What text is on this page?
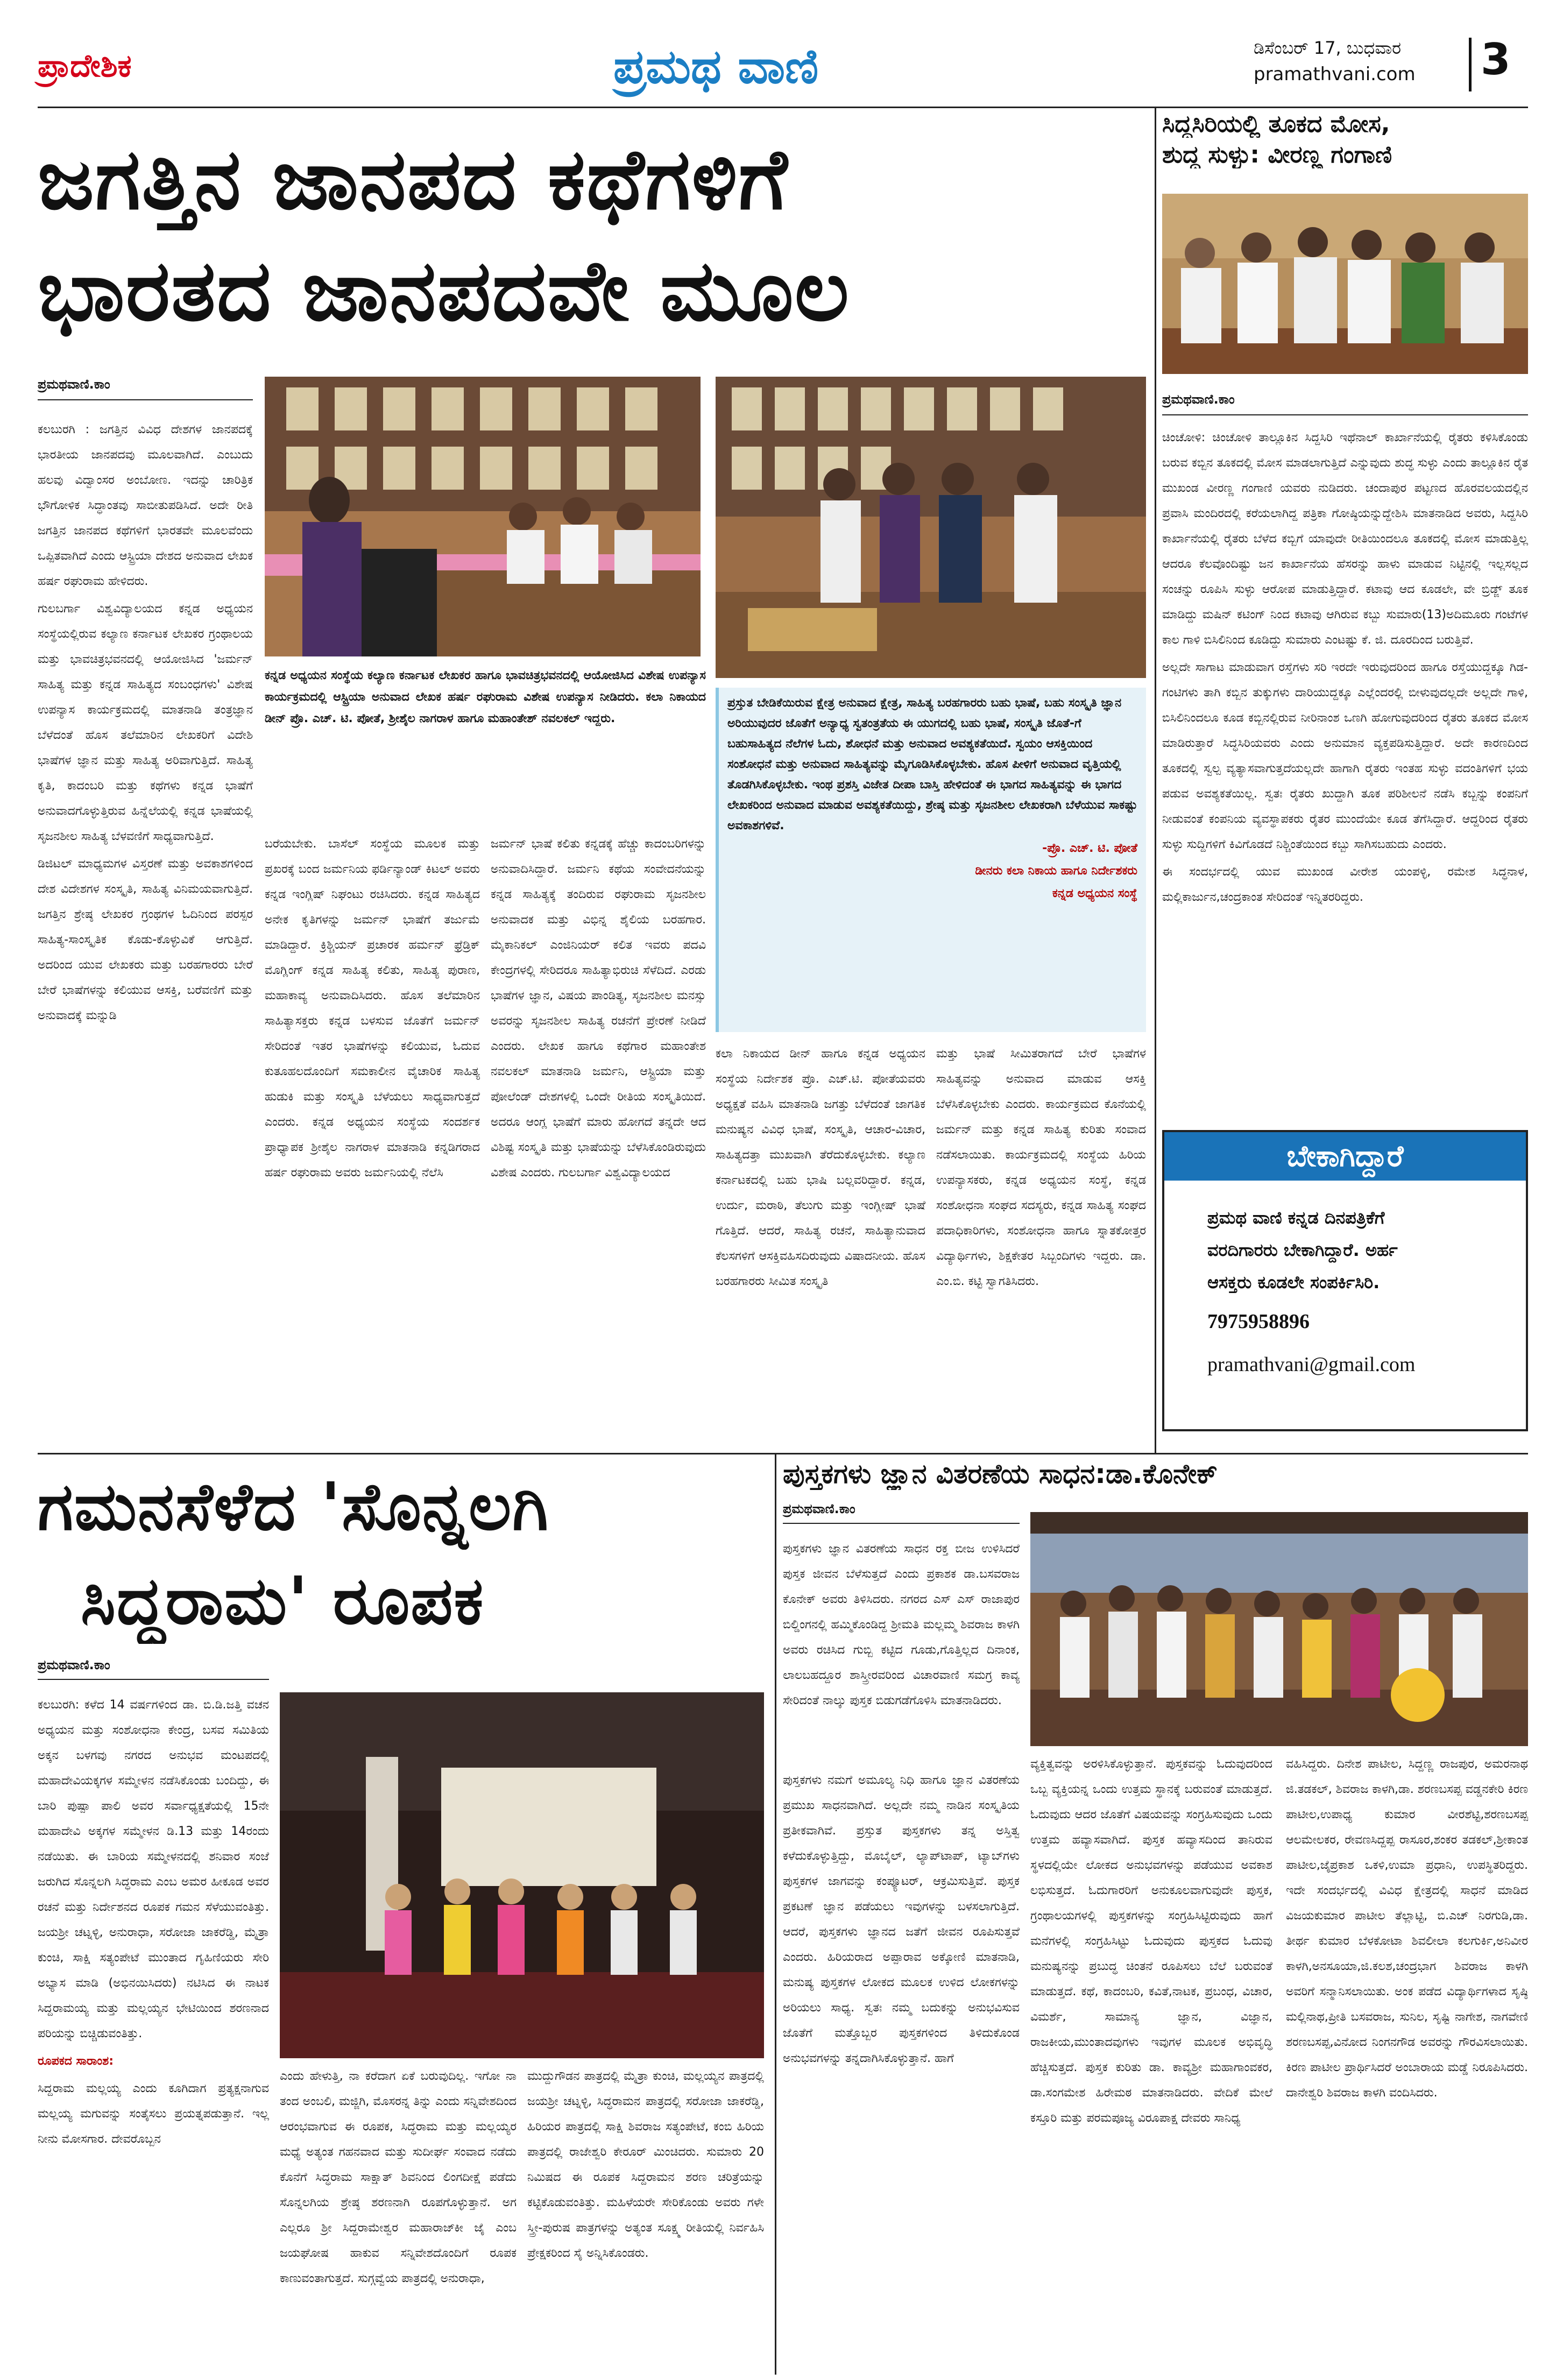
ಪ್ರಾದೇಶಿಕ	ಪ್ರಮಥ ವಾಣಿ	ಡಿಸೆಂಬರ್ 17, ಬುಧವಾರ
pramathvani.com 3
ಜಗತ್ತಿನ ಜಾನಪದ ಕಥೆಗಳಿಗೆ
ಭಾರತದ ಜಾನಪದವೇ ಮೂಲ
ಪ್ರಮಥವಾಣಿ.ಕಾಂ

ಕಲಬುರಗಿ : ಜಗತ್ತಿನ ವಿವಿಧ ದೇಶಗಳ ಜಾನಪದಕ್ಕೆ ಭಾರತೀಯ ಜಾನಪದವು ಮೂಲವಾಗಿದೆ. ಎಂಬುದು ಹಲವು ವಿದ್ವಾಂಸರ ಅಂಬೋಣ. ಇದನ್ನು ಚಾರಿತ್ರಿಕ ಭೌಗೋಳಿಕ ಸಿದ್ಧಾಂತವು ಸಾಬೀತುಪಡಿಸಿದೆ. ಅದೇ ರೀತಿ ಜಗತ್ತಿನ ಜಾನಪದ ಕಥೆಗಳಿಗೆ ಭಾರತವೇ ಮೂಲವೆಂದು ಒಪ್ಪಿತವಾಗಿದೆ ಎಂದು ಆಸ್ಟ್ರಿಯಾ ದೇಶದ ಅನುವಾದ ಲೇಖಕ ಹರ್ಷ ರಘುರಾಮ ಹೇಳಿದರು.

ಗುಲಬರ್ಗಾ ವಿಶ್ವವಿದ್ಯಾಲಯದ ಕನ್ನಡ ಅಧ್ಯಯನ ಸಂಸ್ಥೆಯಲ್ಲಿರುವ ಕಲ್ಯಾಣ ಕರ್ನಾಟಕ ಲೇಖಕರ ಗ್ರಂಥಾಲಯ ಮತ್ತು ಭಾವಚಿತ್ರಭವನದಲ್ಲಿ ಆಯೋಜಿಸಿದ 'ಜರ್ಮನ್ ಸಾಹಿತ್ಯ ಮತ್ತು ಕನ್ನಡ ಸಾಹಿತ್ಯದ ಸಂಬಂಧಗಳು' ವಿಶೇಷ ಉಪನ್ಯಾಸ ಕಾರ್ಯಕ್ರಮದಲ್ಲಿ ಮಾತನಾಡಿ ತಂತ್ರಜ್ಞಾನ ಬೆಳೆದಂತೆ ಹೊಸ ತಲೆಮಾರಿನ ಲೇಖಕರಿಗೆ ವಿದೇಶಿ ಭಾಷೆಗಳ ಜ್ಞಾನ ಮತ್ತು ಸಾಹಿತ್ಯ ಅರಿವಾಗುತ್ತಿದೆ. ಸಾಹಿತ್ಯ ಕೃತಿ, ಕಾದಂಬರಿ ಮತ್ತು ಕಥೆಗಳು ಕನ್ನಡ ಭಾಷೆಗೆ ಅನುವಾದಗೊಳ್ಳುತ್ತಿರುವ ಹಿನ್ನೆಲೆಯಲ್ಲಿ ಕನ್ನಡ ಭಾಷೆಯಲ್ಲಿ ಸೃಜನಶೀಲ ಸಾಹಿತ್ಯ ಬೆಳವಣಿಗೆ ಸಾಧ್ಯವಾಗುತ್ತಿದೆ.

ಡಿಜಿಟಲ್ ಮಾಧ್ಯಮಗಳ ವಿಸ್ತರಣೆ ಮತ್ತು ಅವಕಾಶಗಳಿಂದ ದೇಶ ವಿದೇಶಗಳ ಸಂಸ್ಕೃತಿ, ಸಾಹಿತ್ಯ ವಿನಿಮಯವಾಗುತ್ತಿದೆ. ಜಗತ್ತಿನ ಶ್ರೇಷ್ಠ ಲೇಖಕರ ಗ್ರಂಥಗಳ ಓದಿನಿಂದ ಪರಸ್ಪರ ಸಾಹಿತ್ಯ-ಸಾಂಸ್ಕೃತಿಕ ಕೊಡು-ಕೊಳ್ಳುವಿಕೆ ಆಗುತ್ತಿದೆ. ಅದರಿಂದ ಯುವ ಲೇಖಕರು ಮತ್ತು ಬರಹಗಾರರು ಬೇರೆ ಬೇರೆ ಭಾಷೆಗಳನ್ನು ಕಲಿಯುವ ಆಸಕ್ತಿ, ಬರೆವಣಿಗೆ ಮತ್ತು ಅನುವಾದಕ್ಕೆ ಮನ್ನುಡಿ

ಕನ್ನಡ ಅಧ್ಯಯನ ಸಂಸ್ಥೆಯ ಕಲ್ಯಾಣ ಕರ್ನಾಟಕ ಲೇಖಕರ ಹಾಗೂ ಭಾವಚಿತ್ರಭವನದಲ್ಲಿ ಆಯೋಜಿಸಿದ ವಿಶೇಷ ಉಪನ್ಯಾಸ ಕಾರ್ಯಕ್ರಮದಲ್ಲಿ ಆಸ್ಟ್ರಿಯಾ ಅನುವಾದ ಲೇಖಕ ಹರ್ಷ ರಘುರಾಮ ವಿಶೇಷ ಉಪನ್ಯಾಸ ನೀಡಿದರು. ಕಲಾ ನಿಕಾಯದ ಡೀನ್ ಪ್ರೊ. ಎಚ್. ಟಿ. ಪೋತೆ, ಶ್ರೀಶೈಲ ನಾಗರಾಳ ಹಾಗೂ ಮಹಾಂತೇಶ್ ನವಲಕಲ್ ಇದ್ದರು.
ಪ್ರಸ್ತುತ ಬೇಡಿಕೆಯಿರುವ ಕ್ಷೇತ್ರ ಅನುವಾದ ಕ್ಷೇತ್ರ, ಸಾಹಿತ್ಯ ಬರಹಗಾರರು ಬಹು ಭಾಷೆ, ಬಹು ಸಂಸ್ಕೃತಿ ಜ್ಞಾನ ಅರಿಯುವುದರ ಜೊತೆಗೆ ಅನ್ಯಾಧ್ಯ ಸ್ವತಂತ್ರತೆಯ ಈ ಯುಗದಲ್ಲಿ ಬಹು ಭಾಷೆ, ಸಂಸ್ಕೃತಿ ಜೊತೆ-ಗೆ ಬಹುಸಾಹಿತ್ಯದ ನೆಲೆಗಳ ಓದು, ಶೋಧನೆ ಮತ್ತು ಅನುವಾದ ಅವಶ್ಯಕತೆಯಿದೆ. ಸ್ವಯಂ ಆಸಕ್ತಿಯಿಂದ ಸಂಶೋಧನೆ ಮತ್ತು ಅನುವಾದ ಸಾಹಿತ್ಯವನ್ನು ಮೈಗೂಡಿಸಿಕೊಳ್ಳಬೇಕು. ಹೊಸ ಪೀಳಿಗೆ ಅನುವಾದ ವೃತ್ತಿಯಲ್ಲಿ ತೊಡಗಿಸಿಕೊಳ್ಳಬೇಕು. ಇಂಥ ಪ್ರಶಸ್ತಿ ವಿಜೇತ ದೀಪಾ ಬಾಸ್ತಿ ಹೇಳಿದಂತೆ ಈ ಭಾಗದ ಸಾಹಿತ್ಯವನ್ನು ಈ ಭಾಗದ ಲೇಖಕರಿಂದ ಅನುವಾದ ಮಾಡುವ ಅವಶ್ಯಕತೆಯಿದ್ದು, ಶ್ರೇಷ್ಠ ಮತ್ತು ಸೃಜನಶೀಲ ಲೇಖಕರಾಗಿ ಬೆಳೆಯುವ ಸಾಕಷ್ಟು ಅವಕಾಶಗಳಿವೆ.
-ಪ್ರೊ. ಎಚ್. ಟಿ. ಪೋತೆ
ಡೀನರು ಕಲಾ ನಿಕಾಯ ಹಾಗೂ ನಿರ್ದೇಶಕರು
ಕನ್ನಡ ಅಧ್ಯಯನ ಸಂಸ್ಥೆ
ಬರೆಯಬೇಕು. ಬಾಸೆಲ್ ಸಂಸ್ಥೆಯ ಮೂಲಕ ಮತ್ತು ಪ್ರಖರಕ್ಕೆ ಬಂದ ಜರ್ಮನಿಯ ಫರ್ಡಿನ್ಯಾಂಡ್ ಕಿಟಲ್ ಅವರು ಕನ್ನಡ ಇಂಗ್ಲಿಷ್ ನಿಘಂಟು ರಚಿಸಿದರು. ಕನ್ನಡ ಸಾಹಿತ್ಯದ ಅನೇಕ ಕೃತಿಗಳನ್ನು ಜರ್ಮನ್ ಭಾಷೆಗೆ ತರ್ಜುಮೆ ಮಾಡಿದ್ದಾರೆ. ಕ್ರಿಶ್ಚಿಯನ್ ಪ್ರಚಾರಕ ಹರ್ಮನ್ ಫ್ರೆಡ್ರಿಕ್ ಮೊಗ್ಲಿಂಗ್ ಕನ್ನಡ ಸಾಹಿತ್ಯ ಕಲಿತು, ಸಾಹಿತ್ಯ ಪುರಾಣ, ಮಹಾಕಾವ್ಯ ಅನುವಾದಿಸಿದರು. ಹೊಸ ತಲೆಮಾರಿನ ಸಾಹಿತ್ಯಾಸಕ್ತರು ಕನ್ನಡ ಬಳಸುವ ಜೊತೆಗೆ ಜರ್ಮನ್ ಸೇರಿದಂತೆ ಇತರ ಭಾಷೆಗಳನ್ನು ಕಲಿಯುವ, ಓದುವ ಕುತೂಹಲದೊಂದಿಗೆ ಸಮಕಾಲೀನ ವೈಚಾರಿಕ ಸಾಹಿತ್ಯ ಹುಡುಕಿ ಮತ್ತು ಸಂಸ್ಕೃತಿ ಬೆಳೆಯಲು ಸಾಧ್ಯವಾಗುತ್ತದೆ ಎಂದರು. ಕನ್ನಡ ಅಧ್ಯಯನ ಸಂಸ್ಥೆಯ ಸಂದರ್ಶಕ ಪ್ರಾಧ್ಯಾಪಕ ಶ್ರೀಶೈಲ ನಾಗರಾಳ ಮಾತನಾಡಿ ಕನ್ನಡಿಗರಾದ ಹರ್ಷ ರಘುರಾಮ ಅವರು ಜರ್ಮನಿಯಲ್ಲಿ ನೆಲೆಸಿ
ಜರ್ಮನ್ ಭಾಷೆ ಕಲಿತು ಕನ್ನಡಕ್ಕೆ ಹೆಚ್ಚು ಕಾದಂಬರಿಗಳನ್ನು ಅನುವಾದಿಸಿದ್ದಾರೆ. ಜರ್ಮನಿ ಕಥೆಯ ಸಂವೇದನೆಯನ್ನು ಕನ್ನಡ ಸಾಹಿತ್ಯಕ್ಕೆ ತಂದಿರುವ ರಘುರಾಮ ಸೃಜನಶೀಲ ಅನುವಾದಕ ಮತ್ತು ವಿಭಿನ್ನ ಶೈಲಿಯ ಬರಹಗಾರ. ಮೈಕಾನಿಕಲ್ ಎಂಜಿನಿಯರ್ ಕಲಿತ ಇವರು ಪದವಿ ಕೇಂದ್ರಗಳಲ್ಲಿ ಸೇರಿದರೂ ಸಾಹಿತ್ಯಾಭಿರುಚಿ ಸೆಳೆದಿದೆ. ಎರಡು ಭಾಷೆಗಳ ಜ್ಞಾನ, ವಿಷಯ ಪಾಂಡಿತ್ಯ, ಸೃಜನಶೀಲ ಮನಸ್ಸು ಅವರನ್ನು ಸೃಜನಶೀಲ ಸಾಹಿತ್ಯ ರಚನೆಗೆ ಪ್ರೇರಣೆ ನೀಡಿದೆ ಎಂದರು. ಲೇಖಕ ಹಾಗೂ ಕಥೆಗಾರ ಮಹಾಂತೇಶ ನವಲಕಲ್ ಮಾತನಾಡಿ ಜರ್ಮನಿ, ಆಸ್ಟ್ರಿಯಾ ಮತ್ತು ಪೋಲೆಂಡ್ ದೇಶಗಳಲ್ಲಿ ಒಂದೇ ರೀತಿಯ ಸಂಸ್ಕೃತಿಯಿದೆ. ಅದರೂ ಆಂಗ್ಲ ಭಾಷೆಗೆ ಮಾರು ಹೋಗದೆ ತನ್ನದೇ ಆದ ವಿಶಿಷ್ಟ ಸಂಸ್ಕೃತಿ ಮತ್ತು ಭಾಷೆಯನ್ನು ಬೆಳೆಸಿಕೊಂಡಿರುವುದು ವಿಶೇಷ ಎಂದರು. ಗುಲಬರ್ಗಾ ವಿಶ್ವವಿದ್ಯಾಲಯದ
ಕಲಾ ನಿಕಾಯದ ಡೀನ್ ಹಾಗೂ ಕನ್ನಡ ಅಧ್ಯಯನ ಸಂಸ್ಥೆಯ ನಿರ್ದೇಶಕ ಪ್ರೊ. ಎಚ್.ಟಿ. ಪೋತೆಯವರು ಅಧ್ಯಕ್ಷತೆ ವಹಿಸಿ ಮಾತನಾಡಿ ಜಗತ್ತು ಬೆಳೆದಂತೆ ಜಾಗತಿಕ ಮನುಷ್ಯನ ವಿವಿಧ ಭಾಷೆ, ಸಂಸ್ಕೃತಿ, ಆಚಾರ-ವಿಚಾರ, ಸಾಹಿತ್ಯದತ್ತಾ ಮುಖವಾಗಿ ತೆರೆದುಕೊಳ್ಳಬೇಕು. ಕಲ್ಯಾಣ ಕರ್ನಾಟಕದಲ್ಲಿ ಬಹು ಭಾಷಿ ಬಲ್ಲವರಿದ್ದಾರೆ. ಕನ್ನಡ, ಉರ್ದು, ಮರಾಠಿ, ತೆಲುಗು ಮತ್ತು ಇಂಗ್ಲೀಷ್ ಭಾಷೆ ಗೊತ್ತಿದೆ. ಆದರೆ, ಸಾಹಿತ್ಯ ರಚನೆ, ಸಾಹಿತ್ಯಾನುವಾದ ಕೆಲಸಗಳಿಗೆ ಆಸಕ್ತಿವಹಿಸದಿರುವುದು ವಿಷಾದನೀಯ. ಹೊಸ ಬರಹಗಾರರು ಸೀಮಿತ ಸಂಸ್ಕೃತಿ
ಮತ್ತು ಭಾಷೆ ಸೀಮಿತರಾಗದೆ ಬೇರೆ ಭಾಷೆಗಳ ಸಾಹಿತ್ಯವನ್ನು ಅನುವಾದ ಮಾಡುವ ಆಸಕ್ತಿ ಬೆಳೆಸಿಕೊಳ್ಳಬೇಕು ಎಂದರು. ಕಾರ್ಯಕ್ರಮದ ಕೊನೆಯಲ್ಲಿ ಜರ್ಮನ್ ಮತ್ತು ಕನ್ನಡ ಸಾಹಿತ್ಯ ಕುರಿತು ಸಂವಾದ ನಡೆಸಲಾಯಿತು. ಕಾರ್ಯಕ್ರಮದಲ್ಲಿ ಸಂಸ್ಥೆಯ ಹಿರಿಯ ಉಪನ್ಯಾಸಕರು, ಕನ್ನಡ ಅಧ್ಯಯನ ಸಂಸ್ಥೆ, ಕನ್ನಡ ಸಂಶೋಧನಾ ಸಂಘದ ಸದಸ್ಯರು, ಕನ್ನಡ ಸಾಹಿತ್ಯ ಸಂಘದ ಪದಾಧಿಕಾರಿಗಳು, ಸಂಶೋಧನಾ ಹಾಗೂ ಸ್ನಾತಕೋತ್ತರ ವಿದ್ಯಾರ್ಥಿಗಳು, ಶಿಕ್ಷಕೇತರ ಸಿಬ್ಬಂದಿಗಳು ಇದ್ದರು. ಡಾ. ಎಂ.ಬಿ. ಕಟ್ಟಿ ಸ್ವಾಗತಿಸಿದರು.
ಸಿದ್ಧಸಿರಿಯಲ್ಲಿ ತೂಕದ ಮೋಸ,
ಶುದ್ಧ ಸುಳ್ಳು: ವೀರಣ್ಣ ಗಂಗಾಣಿ
ಪ್ರಮಥವಾಣಿ.ಕಾಂ

ಚಿಂಚೋಳಿ: ಚಿಂಚೋಳಿ ತಾಲ್ಲೂಕಿನ ಸಿದ್ದಸಿರಿ ಇಥೆನಾಲ್ ಕಾರ್ಖಾನೆಯಲ್ಲಿ ರೈತರು ಕಳಿಸಿಕೊಂಡು ಬರುವ ಕಬ್ಬಿನ ತೂಕದಲ್ಲಿ ಮೋಸ ಮಾಡಲಾಗುತ್ತಿದೆ ಎನ್ನುವುದು ಶುದ್ಧ ಸುಳ್ಳು ಎಂದು ತಾಲ್ಲೂಕಿನ ರೈತ ಮುಖಂಡ ವೀರಣ್ಣ ಗಂಗಾಣಿ ಯವರು ನುಡಿದರು. ಚಂದಾಪುರ ಪಟ್ಟಣದ ಹೊರವಲಯದಲ್ಲಿನ ಪ್ರವಾಸಿ ಮಂದಿರದಲ್ಲಿ ಕರೆಯಲಾಗಿದ್ದ ಪತ್ರಿಕಾ ಗೋಷ್ಠಿಯನ್ನುದ್ದೇಶಿಸಿ ಮಾತನಾಡಿದ ಅವರು, ಸಿದ್ದಸಿರಿ ಕಾರ್ಖಾನೆಯಲ್ಲಿ ರೈತರು ಬೆಳೆದ ಕಬ್ಬಿಗೆ ಯಾವುದೇ ರೀತಿಯಿಂದಲೂ ತೂಕದಲ್ಲಿ ಮೋಸ ಮಾಡುತ್ತಿಲ್ಲ ಆದರೂ ಕೆಲವೊಂದಿಷ್ಟು ಜನ ಕಾರ್ಖಾನೆಯ ಹೆಸರನ್ನು ಹಾಳು ಮಾಡುವ ನಿಟ್ಟಿನಲ್ಲಿ ಇಲ್ಲಸಲ್ಲದ ಸಂಚನ್ನು ರೂಪಿಸಿ ಸುಳ್ಳು ಆರೋಪ ಮಾಡುತ್ತಿದ್ದಾರೆ. ಕಟಾವು ಆದ ಕೂಡಲೇ, ವೇ ಬ್ರಿಡ್ಜ್ ತೂಕ ಮಾಡಿದ್ದು ಮಷಿನ್ ಕಟಿಂಗ್ ನಿಂದ ಕಟಾವು ಆಗಿರುವ ಕಬ್ಬು ಸುಮಾರು(13)ಅದಿಮೂರು ಗಂಟೆಗಳ ಕಾಲ ಗಾಳಿ ಬಿಸಿಲಿನಿಂದ ಕೂಡಿದ್ದು ಸುಮಾರು ಎಂಟಷ್ಟು ಕೆ. ಜಿ. ದೂರದಿಂದ ಬರುತ್ತಿವೆ.

ಅಲ್ಲದೇ ಸಾಗಾಟ ಮಾಡುವಾಗ ರಸ್ತೆಗಳು ಸರಿ ಇರದೇ ಇರುವುದರಿಂದ ಹಾಗೂ ರಸ್ತೆಯುದ್ದಕ್ಕೂ ಗಿಡ-ಗಂಟಿಗಳು ತಾಗಿ ಕಬ್ಬಿನ ತುಕ್ಕುಗಳು ದಾರಿಯುದ್ದಕ್ಕೂ ಎಲ್ಲೆಂದರಲ್ಲಿ ಬೀಳುವುದಲ್ಲದೇ ಅಲ್ಲದೇ ಗಾಳಿ, ಬಿಸಿಲಿನಿಂದಲೂ ಕೂಡ ಕಬ್ಬಿನಲ್ಲಿರುವ ನೀರಿನಾಂಶ ಒಣಗಿ ಹೋಗುವುದರಿಂದ ರೈತರು ತೂಕದ ಮೋಸ ಮಾಡಿರುತ್ತಾರೆ ಸಿದ್ಧಸಿರಿಯವರು ಎಂದು ಅನುಮಾನ ವ್ಯಕ್ತಪಡಿಸುತ್ತಿದ್ದಾರೆ. ಅದೇ ಕಾರಣದಿಂದ ತೂಕದಲ್ಲಿ ಸ್ವಲ್ಪ ವ್ಯತ್ಯಾಸವಾಗುತ್ತದೆಯಲ್ಲದೇ ಹಾಗಾಗಿ ರೈತರು ಇಂತಹ ಸುಳ್ಳು ವದಂತಿಗಳಿಗೆ ಭಯ ಪಡುವ ಅವಶ್ಯಕತೆಯಿಲ್ಲ. ಸ್ವತಃ ರೈತರು ಖುದ್ದಾಗಿ ತೂಕ ಪರಿಶೀಲನೆ ನಡೆಸಿ ಕಬ್ಬನ್ನು ಕಂಪನಿಗೆ ನೀಡುವಂತೆ ಕಂಪನಿಯ ವ್ಯವಸ್ಥಾಪಕರು ರೈತರ ಮುಂದೆಯೇ ಕೂಡ ತೆಗೆಸಿದ್ದಾರೆ. ಆದ್ದರಿಂದ ರೈತರು ಸುಳ್ಳು ಸುದ್ದಿಗಳಿಗೆ ಕಿವಿಗೊಡದೆ ನಿಶ್ಚಿಂತೆಯಿಂದ ಕಬ್ಬು ಸಾಗಿಸಬಹುದು ಎಂದರು.

ಈ ಸಂದರ್ಭದಲ್ಲಿ ಯುವ ಮುಖಂಡ ವೀರೇಶ ಯಂಪಳ್ಳಿ, ರಮೇಶ ಸಿದ್ಧನಾಳ, ಮಲ್ಲಿಕಾರ್ಜುನ,ಚಂದ್ರಕಾಂತ ಸೇರಿದಂತೆ ಇನ್ನಿತರರಿದ್ದರು.

ಬೇಕಾಗಿದ್ದಾರೆ
ಪ್ರಮಥ ವಾಣಿ ಕನ್ನಡ ದಿನಪತ್ರಿಕೆಗೆ
ವರದಿಗಾರರು ಬೇಕಾಗಿದ್ದಾರೆ. ಅರ್ಹ
ಆಸಕ್ತರು ಕೂಡಲೇ ಸಂಪರ್ಕಿಸಿರಿ.
7975958896
pramathvani@gmail.com
ಗಮನಸೆಳೆದ 'ಸೊನ್ನಲಗಿ
ಸಿದ್ಧರಾಮ' ರೂಪಕ
ಪ್ರಮಥವಾಣಿ.ಕಾಂ

ಕಲಬುರಗಿ: ಕಳೆದ 14 ವರ್ಷಗಳಿಂದ ಡಾ. ಬಿ.ಡಿ.ಜತ್ತಿ ವಚನ ಅಧ್ಯಯನ ಮತ್ತು ಸಂಶೋಧನಾ ಕೇಂದ್ರ, ಬಸವ ಸಮಿತಿಯ ಅಕ್ಕನ ಬಳಗವು ನಗರದ ಅನುಭವ ಮಂಟಪದಲ್ಲಿ ಮಹಾದೇವಿಯಕ್ಕಗಳ ಸಮ್ಮೇಳನ ನಡೆಸಿಕೊಂಡು ಬಂದಿದ್ದು, ಈ ಬಾರಿ ಪುಷ್ಪಾ ಪಾಲಿ ಅವರ ಸರ್ವಾಧ್ಯಕ್ಷತೆಯಲ್ಲಿ 15ನೇ ಮಹಾದೇವಿ ಅಕ್ಕಗಳ ಸಮ್ಮೇಳನ ಡಿ.13 ಮತ್ತು 14ರಂದು ನಡೆಯಿತು. ಈ ಬಾರಿಯ ಸಮ್ಮೇಳನದಲ್ಲಿ ಶನಿವಾರ ಸಂಜೆ ಜರುಗಿದ ಸೊನ್ನಲಗಿ ಸಿದ್ಧರಾಮ ಎಂಬ ಅಮರ ಹೀಕೂಡ ಅವರ ರಚನೆ ಮತ್ತು ನಿರ್ದೇಶನದ ರೂಪಕ ಗಮನ ಸೆಳೆಯುವಂತಿತ್ತು. ಜಯಶ್ರೀ ಚಟ್ನಳ್ಳಿ, ಅನುರಾಧಾ, ಸರೋಜಾ ಜಾಕರೆಡ್ಡಿ, ಮೈತ್ರಾ ಕುಂಚಿ, ಸಾಕ್ಷಿ ಸತ್ಯಂಪೇಟೆ ಮುಂತಾದ ಗೃಹಿಣಿಯರು ಸೇರಿ ಅಭ್ಯಾಸ ಮಾಡಿ (ಅಭಿನಯಿಸಿದರು) ನಟಿಸಿದ ಈ ನಾಟಕ ಸಿದ್ದರಾಮಯ್ಯ ಮತ್ತು ಮಲ್ಲಯ್ಯನ ಭೇಟಿಯಿಂದ ಶರಣನಾದ ಪರಿಯನ್ನು ಬಿಚ್ಚಿಡುವಂತಿತ್ತು.

ರೂಪಕದ ಸಾರಾಂಶ:

ಸಿದ್ದರಾಮ ಮಲ್ಲಯ್ಯ ಎಂದು ಕೂಗಿದಾಗ ಪ್ರತ್ಯಕ್ಷನಾಗುವ ಮಲ್ಲಯ್ಯ ಮಗುವನ್ನು ಸಂತೈಸಲು ಪ್ರಯತ್ನಪಡುತ್ತಾನೆ. ಇಲ್ಲ ನೀನು ಮೋಸಗಾರ. ದೇವರೊಬ್ಬನ

ಎಂದು ಹೇಳುತ್ತಿ, ನಾ ಕರೆದಾಗ ಏಕೆ ಬರುವುದಿಲ್ಲ. ಇಗೋ ನಾ ತಂದ ಅಂಬಲಿ, ಮಜ್ಜಿಗಿ, ಮೊಸರನ್ನ ತಿನ್ನು ಎಂದು ಸನ್ನಿವೇಶದಿಂದ ಆರಂಭವಾಗುವ ಈ ರೂಪಕ, ಸಿದ್ಧರಾಮ ಮತ್ತು ಮಲ್ಲಯ್ಯರ ಮಧ್ಯೆ ಅತ್ಯಂತ ಗಹನವಾದ ಮತ್ತು ಸುದೀರ್ಘ ಸಂವಾದ ನಡೆದು ಕೊನೆಗೆ ಸಿದ್ಧರಾಮ ಸಾಕ್ಷಾತ್ ಶಿವನಿಂದ ಲಿಂಗದೀಕ್ಷೆ ಪಡೆದು ಸೊನ್ನಲಗಿಯ ಶ್ರೇಷ್ಠ ಶರಣನಾಗಿ ರೂಪಗೊಳ್ಳುತ್ತಾನೆ. ಅಗ ಎಲ್ಲರೂ ಶ್ರೀ ಸಿದ್ದರಾಮೇಶ್ವರ ಮಹಾರಾಜ್‍ಕೀ ಜೈ ಎಂಬ ಜಯಘೋಷ ಹಾಕುವ ಸನ್ನಿವೇಶದೊಂದಿಗೆ ರೂಪಕ ಕಾಣುವಂತಾಗುತ್ತದೆ. ಸುಗ್ಗವ್ವೆಯ ಪಾತ್ರದಲ್ಲಿ ಅನುರಾಧಾ,
ಮುದ್ದುಗೌಡನ ಪಾತ್ರದಲ್ಲಿ ಮೈತ್ರಾ ಕುಂಚಿ, ಮಲ್ಲಯ್ಯನ ಪಾತ್ರದಲ್ಲಿ ಜಯಶ್ರೀ ಚಟ್ನಳ್ಳಿ, ಸಿದ್ಧರಾಮನ ಪಾತ್ರದಲ್ಲಿ ಸರೋಜಾ ಜಾಕರೆಡ್ಡಿ, ಹಿರಿಯರ ಪಾತ್ರದಲ್ಲಿ ಸಾಕ್ಷಿ ಶಿವರಾಜ ಸತ್ಯಂಪೇಟೆ, ಕಂಬಿ ಹಿರಿಯ ಪಾತ್ರದಲ್ಲಿ ರಾಜೇಶ್ವರಿ ಕೇರೂರ್ ಮಿಂಚಿದರು. ಸುಮಾರು 20 ನಿಮಿಷದ ಈ ರೂಪಕ ಸಿದ್ದರಾಮನ ಶರಣ ಚರಿತ್ರೆಯನ್ನು ಕಟ್ಟಿಕೊಡುವಂತಿತ್ತು. ಮಹಿಳೆಯರೇ ಸೇರಿಕೊಂಡು ಅವರು ಗಳೇ ಸ್ತ್ರೀ-ಪುರುಷ ಪಾತ್ರಗಳನ್ನು ಅತ್ಯಂತ ಸೂಕ್ಷ್ಮ ರೀತಿಯಲ್ಲಿ ನಿರ್ವಹಿಸಿ ಪ್ರೇಕ್ಷಕರಿಂದ ಸೈ ಅನ್ನಿಸಿಕೊಂಡರು.
ಪುಸ್ತಕಗಳು ಜ್ಞಾನ ವಿತರಣೆಯ ಸಾಧನ:ಡಾ.ಕೊನೇಕ್
ಪ್ರಮಥವಾಣಿ.ಕಾಂ
ಪುಸ್ತಕಗಳು ಜ್ಞಾನ ವಿತರಣೆಯ ಸಾಧನ ರಕ್ತ ಬೀಜ ಉಳಿಸಿದರೆ ಪುಸ್ತಕ ಜೀವನ ಬೆಳೆಸುತ್ತದೆ ಎಂದು ಪ್ರಕಾಶಕ ಡಾ.ಬಸವರಾಜ ಕೊನೇಕ್ ಅವರು ತಿಳಿಸಿದರು. ನಗರದ ಎಸ್ ಎಸ್ ರಾಜಾಪುರ ಬಿಲ್ಡಿಂಗನಲ್ಲಿ ಹಮ್ಮಿಕೊಂಡಿದ್ದ ಶ್ರೀಮತಿ ಮಲ್ಲಮ್ಮ ಶಿವರಾಜ ಕಾಳಗಿ ಅವರು ರಚಿಸಿದ ಗುಬ್ಬಿ ಕಟ್ಟಿದ ಗೂಡು,ಗೊತ್ತಿಲ್ಲದ ದಿನಾಂಕ, ಲಾಲಬಹದ್ದೂರ ಶಾಸ್ತ್ರೀರವರಿಂದ ವಿಚಾರವಾಣಿ ಸಮಗ್ರ ಕಾವ್ಯ ಸೇರಿದಂತೆ ನಾಲ್ಕು ಪುಸ್ತಕ ಬಿಡುಗಡೆಗೊಳಿಸಿ ಮಾತನಾಡಿದರು.
ಪುಸ್ತಕಗಳು ನಮಗೆ ಅಮೂಲ್ಯ ನಿಧಿ ಹಾಗೂ ಜ್ಞಾನ ವಿತರಣೆಯ ಪ್ರಮುಖ ಸಾಧನವಾಗಿದೆ. ಅಲ್ಲದೇ ನಮ್ಮ ನಾಡಿನ ಸಂಸ್ಕೃತಿಯ ಪ್ರತೀಕವಾಗಿವೆ. ಪ್ರಸ್ತುತ ಪುಸ್ತಕಗಳು ತನ್ನ ಅಸ್ತಿತ್ವ ಕಳೆದುಕೊಳ್ಳುತ್ತಿದ್ದು, ಮೊಬೈಲ್, ಲ್ಯಾಪ್‍ಟಾಪ್, ಟ್ಯಾಬ್‍ಗಳು ಪುಸ್ತಕಗಳ ಜಾಗವನ್ನು ಕಂಪ್ಯೂಟರ್, ಆಕ್ರಮಿಸುತ್ತಿವೆ. ಪುಸ್ತಕ ಪ್ರಕಟಣೆ ಜ್ಞಾನ ಪಡೆಯಲು ಇವುಗಳನ್ನು ಬಳಸಲಾಗುತ್ತಿದೆ. ಆದರೆ, ಪುಸ್ತಕಗಳು ಜ್ಞಾನದ ಜತೆಗೆ ಜೀವನ ರೂಪಿಸುತ್ತವೆ ಎಂದರು. ಹಿರಿಯರಾದ ಅಪ್ಪಾರಾವ ಅಕ್ಕೋಣಿ ಮಾತನಾಡಿ, ಮನುಷ್ಯ ಪುಸ್ತಕಗಳ ಲೋಕದ ಮೂಲಕ ಉಳಿದ ಲೋಕಗಳನ್ನು ಅರಿಯಲು ಸಾಧ್ಯ. ಸ್ವತಃ ನಮ್ಮ ಬದುಕನ್ನು ಅನುಭವಿಸುವ ಜೊತೆಗೆ ಮತ್ತೊಬ್ಬರ ಪುಸ್ತಕಗಳಿಂದ ತಿಳಿದುಕೊಂಡ ಅನುಭವಗಳನ್ನು ತನ್ನದಾಗಿಸಿಕೊಳ್ಳುತ್ತಾನೆ. ಹಾಗೆ
ವ್ಯಕ್ತಿತ್ವವನ್ನು ಅರಳಿಸಿಕೊಳ್ಳುತ್ತಾನೆ. ಪುಸ್ತಕವನ್ನು ಓದುವುದರಿಂದ ಒಬ್ಬ ವ್ಯಕ್ತಿಯನ್ನ ಒಂದು ಉತ್ತಮ ಸ್ಥಾನಕ್ಕೆ ಬರುವಂತೆ ಮಾಡುತ್ತದೆ. ಓದುವುದು ಆದರ ಜೊತೆಗೆ ವಿಷಯವನ್ನು ಸಂಗ್ರಹಿಸುವುದು ಒಂದು ಉತ್ತಮ ಹವ್ಯಾಸವಾಗಿದೆ. ಪುಸ್ತಕ ಹವ್ಯಾಸದಿಂದ ತಾನಿರುವ ಸ್ಥಳದಲ್ಲಿಯೇ ಲೋಕದ ಅನುಭವಗಳನ್ನು ಪಡೆಯುವ ಅವಕಾಶ ಲಭಿಸುತ್ತದೆ. ಓದುಗಾರರಿಗೆ ಅನುಕೂಲವಾಗುವುದೇ ಪುಸ್ತಕ, ಗ್ರಂಥಾಲಯಗಳಲ್ಲಿ ಪುಸ್ತಕಗಳನ್ನು ಸಂಗ್ರಹಿಸಿಟ್ಟಿರುವುದು ಹಾಗೆ ಮನೆಗಳಲ್ಲಿ ಸಂಗ್ರಹಿಸಿಟ್ಟು ಓದುವುದು ಪುಸ್ತಕದ ಓದುವು ಮನುಷ್ಯನನ್ನು ಪ್ರಬುದ್ಧ ಚಿಂತನೆ ರೂಪಿಸಲು ಬೆಲೆ ಬರುವಂತೆ ಮಾಡುತ್ತದೆ. ಕಥೆ, ಕಾದಂಬರಿ, ಕವಿತೆ,ನಾಟಕ, ಪ್ರಬಂಧ, ವಿಚಾರ, ವಿಮರ್ಶೆ, ಸಾಮಾನ್ಯ ಜ್ಞಾನ, ವಿಜ್ಞಾನ, ರಾಜಕೀಯ,ಮುಂತಾದವುಗಳು ಇವುಗಳ ಮೂಲಕ ಅಭಿವೃದ್ಧಿ ಹೆಚ್ಚಿಸುತ್ತದೆ. ಪುಸ್ತಕ ಕುರಿತು ಡಾ. ಕಾವ್ಯಶ್ರೀ ಮಹಾಗಾಂವಕರ, ಡಾ.ಸಂಗಮೇಶ ಹಿರೇಮಠ ಮಾತನಾಡಿದರು. ವೇದಿಕೆ ಮೇಲೆ ಕಸ್ತೂರಿ ಮತ್ತು ಪರಮಪೂಜ್ಯ ವಿರೂಪಾಕ್ಷ ದೇವರು ಸಾನಿಧ್ಯ
ವಹಿಸಿದ್ದರು. ದಿನೇಶ ಪಾಟೀಲ, ಸಿದ್ದಣ್ಣ ರಾಜಪುರ, ಅಮರನಾಥ ಜಿ.ತಡಕಲ್, ಶಿವರಾಜ ಕಾಳಗಿ,ಡಾ. ಶರಣಬಸಪ್ಪ ವಡ್ಡನಕೇರಿ ಕಿರಣ ಪಾಟೀಲ,ಉಪಾಧ್ಯ ಕುಮಾರ ವೀರಶೆಟ್ಟಿ,ಶರಣಬಸಪ್ಪ ಆಲಮೇಲಕರ, ರೇವಣಸಿದ್ದಪ್ಪ ರಾಸೂರ,ಶಂಕರ ತಡಕಲ್,ಶ್ರೀಕಾಂತ ಪಾಟೀಲ,ಜೈಪ್ರಕಾಶ ಒಕಳಿ,ಉಮಾ ಪ್ರಧಾನಿ, ಉಪಸ್ಥಿತರಿದ್ದರು. ಇದೇ ಸಂದರ್ಭದಲ್ಲಿ ವಿವಿಧ ಕ್ಷೇತ್ರದಲ್ಲಿ ಸಾಧನೆ ಮಾಡಿದ ವಿಜಯಕುಮಾರ ಪಾಟೀಲ ತೆಲ್ಲಾಟ್ಟಿ, ಬಿ.ಎಚ್ ನಿರಗುಡಿ,ಡಾ. ತೀರ್ಥ ಕುಮಾರ ಬೆಳಕೋಟಾ ಶಿವಲೀಲಾ ಕಲಗುರ್ಕಿ,ಅನಿವೀರ ಕಾಳಗಿ,ಅನಸೂಯಾ,ಜಿ.ಕಲಶ,ಚಂದ್ರಭಾಗ ಶಿವರಾಜ ಕಾಳಗಿ ಅವರಿಗೆ ಸನ್ಮಾನಿಸಲಾಯಿತು. ಅಂಕ ಪಡೆದ ವಿದ್ಯಾರ್ಥಿಗಳಾದ ಸೃಷ್ಠಿ ಮಲ್ಲಿನಾಥ,ಪ್ರೀತಿ ಬಸವರಾಜ, ಸುನಿಲ, ಸೃಷ್ಟಿ ನಾಗೇಶ, ನಾಗವೇಣಿ ಶರಣಬಸಪ್ಪ,ವಿನೋದ ನಿಂಗನಗೌಡ ಅವರನ್ನು ಗೌರವಿಸಲಾಯಿತು. ಕಿರಣ ಪಾಟೀಲ ಪ್ರಾರ್ಥಿಸಿದರೆ ಅಂಬಾರಾಯ ಮಡ್ಡೆ ನಿರೂಪಿಸಿದರು. ದಾನೇಶ್ವರಿ ಶಿವರಾಜ ಕಾಳಗಿ ವಂದಿಸಿದರು.
